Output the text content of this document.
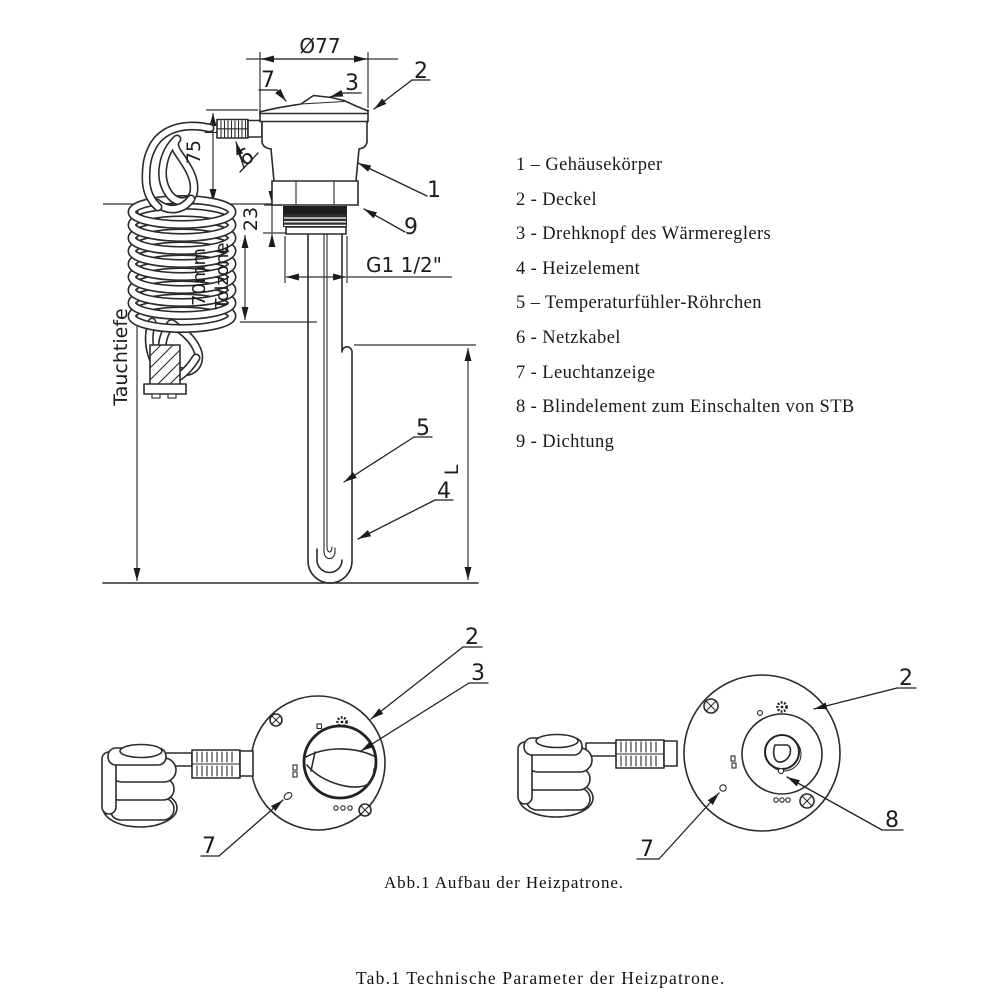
7	3	2
1
9
6
5
4
Ø77
75
23
70mm Tolzone
Tauchtiefe
G1 1/2"
L
2
3
7
2
8
7
1 – Gehäusekörper
2 - Deckel
3 - Drehknopf des Wärmereglers
4 - Heizelement
5 – Temperaturfühler-Röhrchen
6 - Netzkabel
7 - Leuchtanzeige
8 - Blindelement zum Einschalten von STB
9 - Dichtung
Abb.1 Aufbau der Heizpatrone.
Tab.1 Technische Parameter der Heizpatrone.
